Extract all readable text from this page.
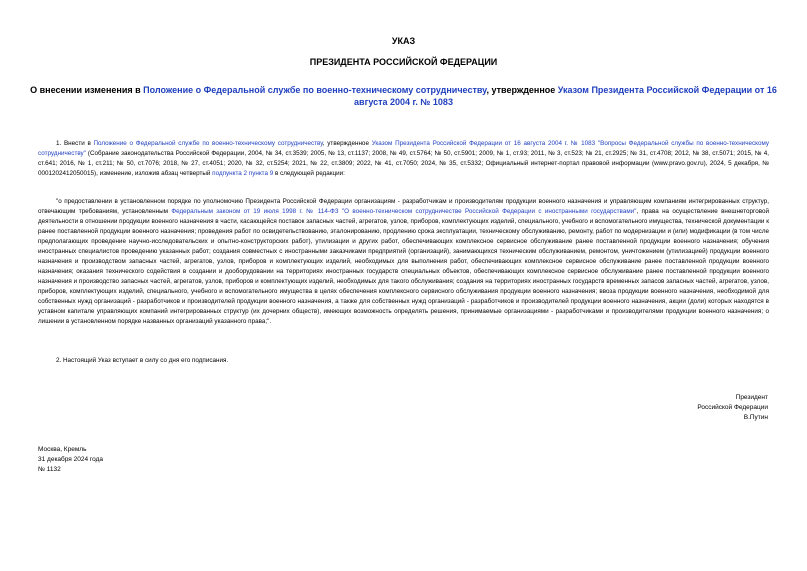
УКАЗ
ПРЕЗИДЕНТА РОССИЙСКОЙ ФЕДЕРАЦИИ
О внесении изменения в Положение о Федеральной службе по военно-техническому сотрудничеству, утвержденное Указом Президента Российской Федерации от 16 августа 2004 г. № 1083
1. Внести в Положение о Федеральной службе по военно-техническому сотрудничеству, утвержденное Указом Президента Российской Федерации от 16 августа 2004 г. № 1083 "Вопросы Федеральной службы по военно-техническому сотрудничеству" (Собрание законодательства Российской Федерации, 2004, № 34, ст.3539; 2005, № 13, ст.1137; 2008, № 49, ст.5764; № 50, ст.5901; 2009, № 1, ст.93; 2011, № 3, ст.523; № 21, ст.2925; № 31, ст.4708; 2012, № 38, ст.5071; 2015, № 4, ст.641; 2016, № 1, ст.211; № 50, ст.7076; 2018, № 27, ст.4051; 2020, № 32, ст.5254; 2021, № 22, ст.3809; 2022, № 41, ст.7050; 2024, № 35, ст.5332; Официальный интернет-портал правовой информации (www.pravo.gov.ru), 2024, 5 декабря, № 0001202412050015), изменение, изложив абзац четвертый подпункта 2 пункта 9 в следующей редакции:
"о предоставлении в установленном порядке по уполномочию Президента Российской Федерации организациям - разработчикам и производителям продукции военного назначения и управляющим компаниям интегрированных структур, отвечающим требованиям, установленным Федеральным законом от 19 июля 1998 г. № 114-ФЗ "О военно-техническом сотрудничестве Российской Федерации с иностранными государствами", права на осуществление внешнеторговой деятельности в отношении продукции военного назначения в части, касающейся поставок запасных частей, агрегатов, узлов, приборов, комплектующих изделий, специального, учебного и вспомогательного имущества, технической документации к ранее поставленной продукции военного назначения; проведения работ по освидетельствованию, эталонированию, продлению срока эксплуатации, техническому обслуживанию, ремонту, работ по модернизации и (или) модификации (в том числе предполагающих проведение научно-исследовательских и опытно-конструкторских работ), утилизации и других работ, обеспечивающих комплексное сервисное обслуживание ранее поставленной продукции военного назначения; обучения иностранных специалистов проведению указанных работ; создания совместных с иностранными заказчиками предприятий (организаций), занимающихся техническим обслуживанием, ремонтом, уничтожением (утилизацией) продукции военного назначения и производством запасных частей, агрегатов, узлов, приборов и комплектующих изделий, необходимых для выполнения работ, обеспечивающих комплексное сервисное обслуживание ранее поставленной продукции военного назначения; оказания технического содействия в создании и дооборудовании на территориях иностранных государств специальных объектов, обеспечивающих комплексное сервисное обслуживание ранее поставленной продукции военного назначения и производство запасных частей, агрегатов, узлов, приборов и комплектующих изделий, необходимых для такого обслуживания; создания на территориях иностранных государств временных запасов запасных частей, агрегатов, узлов, приборов, комплектующих изделий, специального, учебного и вспомогательного имущества в целях обеспечения комплексного сервисного обслуживания продукции военного назначения; ввоза продукции военного назначения, необходимой для собственных нужд организаций - разработчиков и производителей продукции военного назначения, а также для собственных нужд организаций - разработчиков и производителей продукции военного назначения, акции (доли) которых находятся в уставном капитале управляющих компаний интегрированных структур (их дочерних обществ), имеющих возможность определять решения, принимаемые организациями - разработчиками и производителями продукции военного назначения; о лишении в установленном порядке названных организаций указанного права;".
2. Настоящий Указ вступает в силу со дня его подписания.
Президент
Российской Федерации
В.Путин
Москва, Кремль
31 декабря 2024 года
№ 1132
